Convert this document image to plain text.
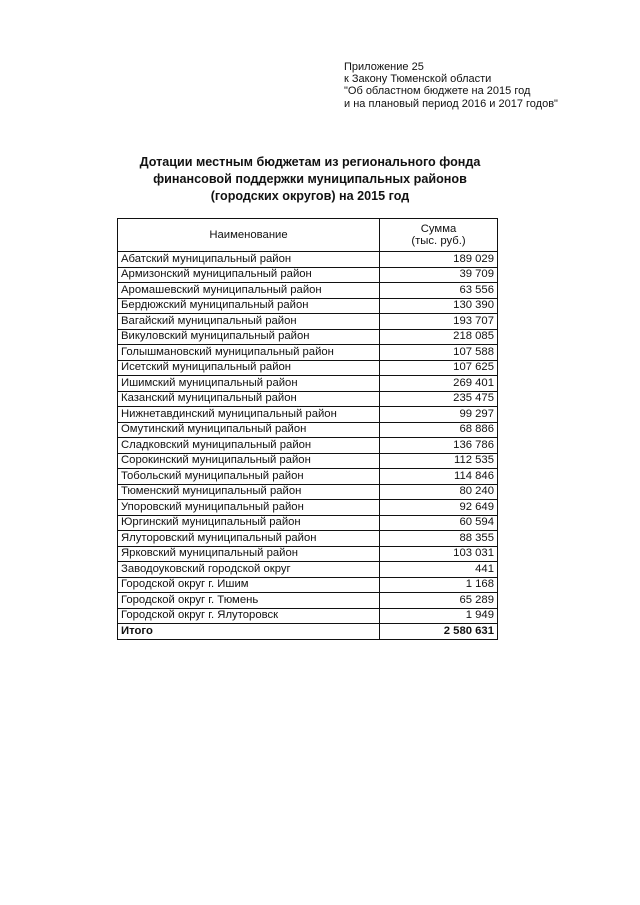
Приложение 25
к Закону Тюменской области
"Об областном бюджете на 2015 год
и на плановый период 2016 и 2017 годов"
Дотации местным бюджетам из регионального фонда
финансовой поддержки муниципальных районов
(городских округов) на 2015 год
Наименование	Сумма
(тыс. руб.)

Абатский муниципальный район	189 029
Армизонский муниципальный район	39 709
Аромашевский муниципальный район	63 556
Бердюжский муниципальный район	130 390
Вагайский муниципальный район	193 707
Викуловский муниципальный район	218 085
Голышмановский муниципальный район	107 588
Исетский муниципальный район	107 625
Ишимский муниципальный район	269 401
Казанский муниципальный район	235 475
Нижнетавдинский муниципальный район	99 297
Омутинский муниципальный район	68 886
Сладковский муниципальный район	136 786
Сорокинский муниципальный район	112 535
Тобольский муниципальный район	114 846
Тюменский муниципальный район	80 240
Упоровский муниципальный район	92 649
Юргинский муниципальный район	60 594
Ялуторовский муниципальный район	88 355
Ярковский муниципальный район	103 031
Заводоуковский городской округ	441
Городской округ г. Ишим	1 168
Городской округ г. Тюмень	65 289
Городской округ г. Ялуторовск	1 949
Итого	2 580 631
